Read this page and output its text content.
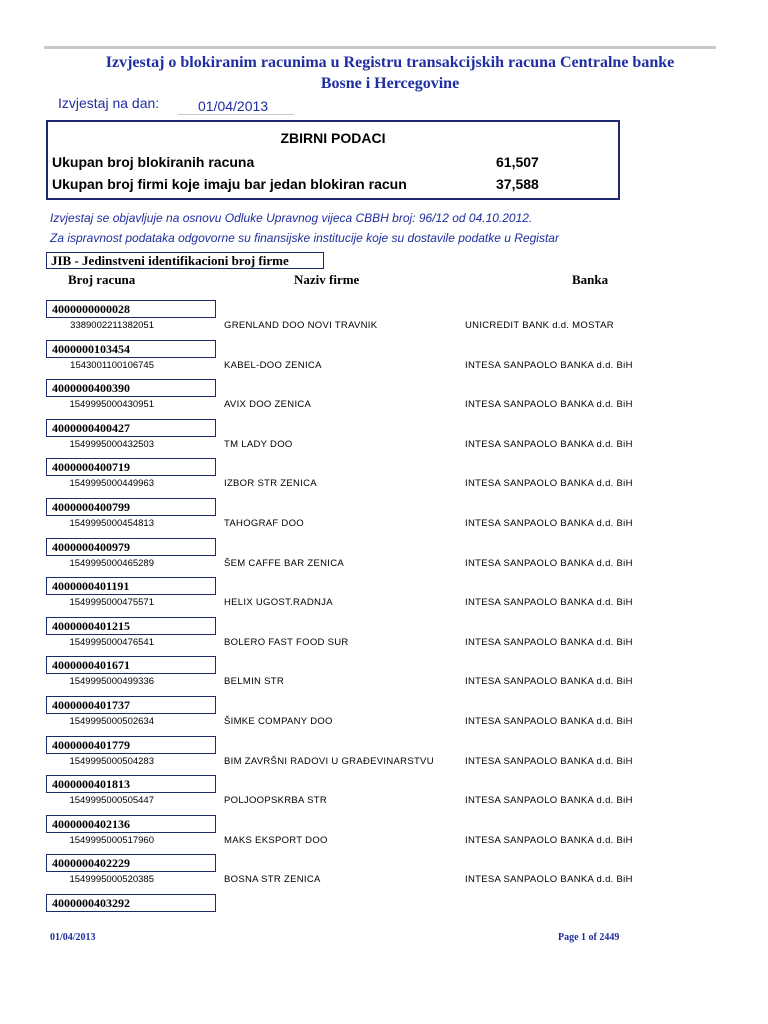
Izvjestaj o blokiranim racunima u Registru transakcijskih racuna Centralne banke
Bosne i Hercegovine
Izvjestaj na dan:	01/04/2013
ZBIRNI PODACI
Ukupan broj blokiranih racuna	61,507
Ukupan broj firmi koje imaju bar jedan blokiran racun	37,588
Izvjestaj se objavljuje na osnovu Odluke Upravnog vijeca CBBH broj: 96/12 od 04.10.2012.
Za ispravnost podataka odgovorne su finansijske institucije koje su dostavile podatke u Registar
JIB - Jedinstveni identifikacioni broj firme
Broj racuna	Naziv firme	Banka
4000000000028
3389002211382051	GRENLAND DOO NOVI TRAVNIK	UNICREDIT BANK d.d. MOSTAR
4000000103454
1543001100106745	KABEL-DOO ZENICA	INTESA SANPAOLO BANKA d.d. BiH
4000000400390
1549995000430951	AVIX DOO ZENICA	INTESA SANPAOLO BANKA d.d. BiH
4000000400427
1549995000432503	TM LADY DOO	INTESA SANPAOLO BANKA d.d. BiH
4000000400719
1549995000449963	IZBOR STR ZENICA	INTESA SANPAOLO BANKA d.d. BiH
4000000400799
1549995000454813	TAHOGRAF DOO	INTESA SANPAOLO BANKA d.d. BiH
4000000400979
1549995000465289	ŠEM CAFFE BAR ZENICA	INTESA SANPAOLO BANKA d.d. BiH
4000000401191
1549995000475571	HELIX UGOST.RADNJA	INTESA SANPAOLO BANKA d.d. BiH
4000000401215
1549995000476541	BOLERO FAST FOOD SUR	INTESA SANPAOLO BANKA d.d. BiH
4000000401671
1549995000499336	BELMIN STR	INTESA SANPAOLO BANKA d.d. BiH
4000000401737
1549995000502634	ŠIMKE COMPANY DOO	INTESA SANPAOLO BANKA d.d. BiH
4000000401779
1549995000504283	BIM ZAVRŠNI RADOVI U GRAĐEVINARSTVU	INTESA SANPAOLO BANKA d.d. BiH
4000000401813
1549995000505447	POLJOOPSKRBA STR	INTESA SANPAOLO BANKA d.d. BiH
4000000402136
1549995000517960	MAKS EKSPORT DOO	INTESA SANPAOLO BANKA d.d. BiH
4000000402229
1549995000520385	BOSNA STR ZENICA	INTESA SANPAOLO BANKA d.d. BiH
4000000403292
01/04/2013	Page 1 of 2449
